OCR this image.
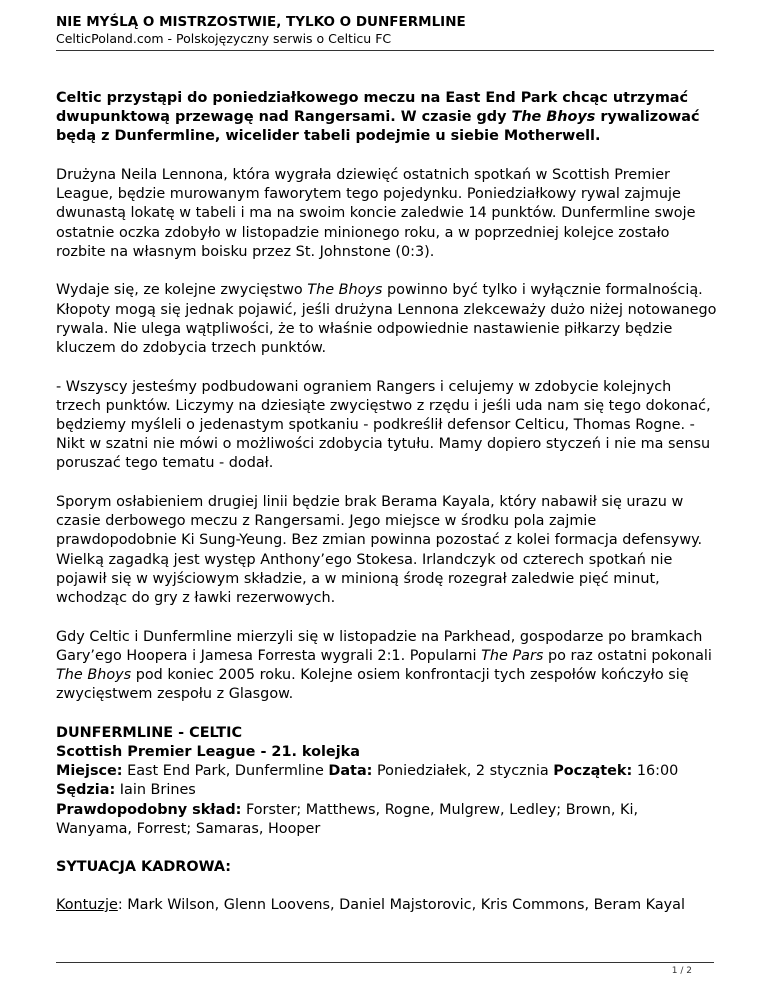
NIE MYŚLĄ O MISTRZOSTWIE, TYLKO O DUNFERMLINE
CelticPoland.com - Polskojęzyczny serwis o Celticu FC

Celtic przystąpi do poniedziałkowego meczu na East End Park chcąc utrzymać dwupunktową przewagę nad Rangersami. W czasie gdy The Bhoys rywalizować będą z Dunfermline, wicelider tabeli podejmie u siebie Motherwell.

Drużyna Neila Lennona, która wygrała dziewięć ostatnich spotkań w Scottish Premier League, będzie murowanym faworytem tego pojedynku. Poniedziałkowy rywal zajmuje dwunastą lokatę w tabeli i ma na swoim koncie zaledwie 14 punktów. Dunfermline swoje ostatnie oczka zdobyło w listopadzie minionego roku, a w poprzedniej kolejce zostało rozbite na własnym boisku przez St. Johnstone (0:3).

Wydaje się, ze kolejne zwycięstwo The Bhoys powinno być tylko i wyłącznie formalnością. Kłopoty mogą się jednak pojawić, jeśli drużyna Lennona zlekceważy dużo niżej notowanego rywala. Nie ulega wątpliwości, że to właśnie odpowiednie nastawienie piłkarzy będzie kluczem do zdobycia trzech punktów.

- Wszyscy jesteśmy podbudowani ograniem Rangers i celujemy w zdobycie kolejnych trzech punktów. Liczymy na dziesiąte zwycięstwo z rzędu i jeśli uda nam się tego dokonać, będziemy myśleli o jedenastym spotkaniu - podkreślił defensor Celticu, Thomas Rogne. - Nikt w szatni nie mówi o możliwości zdobycia tytułu. Mamy dopiero styczeń i nie ma sensu poruszać tego tematu - dodał.

Sporym osłabieniem drugiej linii będzie brak Berama Kayala, który nabawił się urazu w czasie derbowego meczu z Rangersami. Jego miejsce w środku pola zajmie prawdopodobnie Ki Sung-Yeung. Bez zmian powinna pozostać z kolei formacja defensywy. Wielką zagadką jest występ Anthony’ego Stokesa. Irlandczyk od czterech spotkań nie pojawił się w wyjściowym składzie, a w minioną środę rozegrał zaledwie pięć minut, wchodząc do gry z ławki rezerwowych.

Gdy Celtic i Dunfermline mierzyli się w listopadzie na Parkhead, gospodarze po bramkach Gary’ego Hoopera i Jamesa Forresta wygrali 2:1. Popularni The Pars po raz ostatni pokonali The Bhoys pod koniec 2005 roku. Kolejne osiem konfrontacji tych zespołów kończyło się zwycięstwem zespołu z Glasgow.

DUNFERMLINE - CELTIC

Scottish Premier League - 21. kolejka

Miejsce: East End Park, Dunfermline Data: Poniedziałek, 2 stycznia Początek: 16:00

Sędzia: Iain Brines

Prawdopodobny skład: Forster; Matthews, Rogne, Mulgrew, Ledley; Brown, Ki, Wanyama, Forrest; Samaras, Hooper

SYTUACJA KADROWA:

Kontuzje: Mark Wilson, Glenn Loovens, Daniel Majstorovic, Kris Commons, Beram Kayal

1 / 2
